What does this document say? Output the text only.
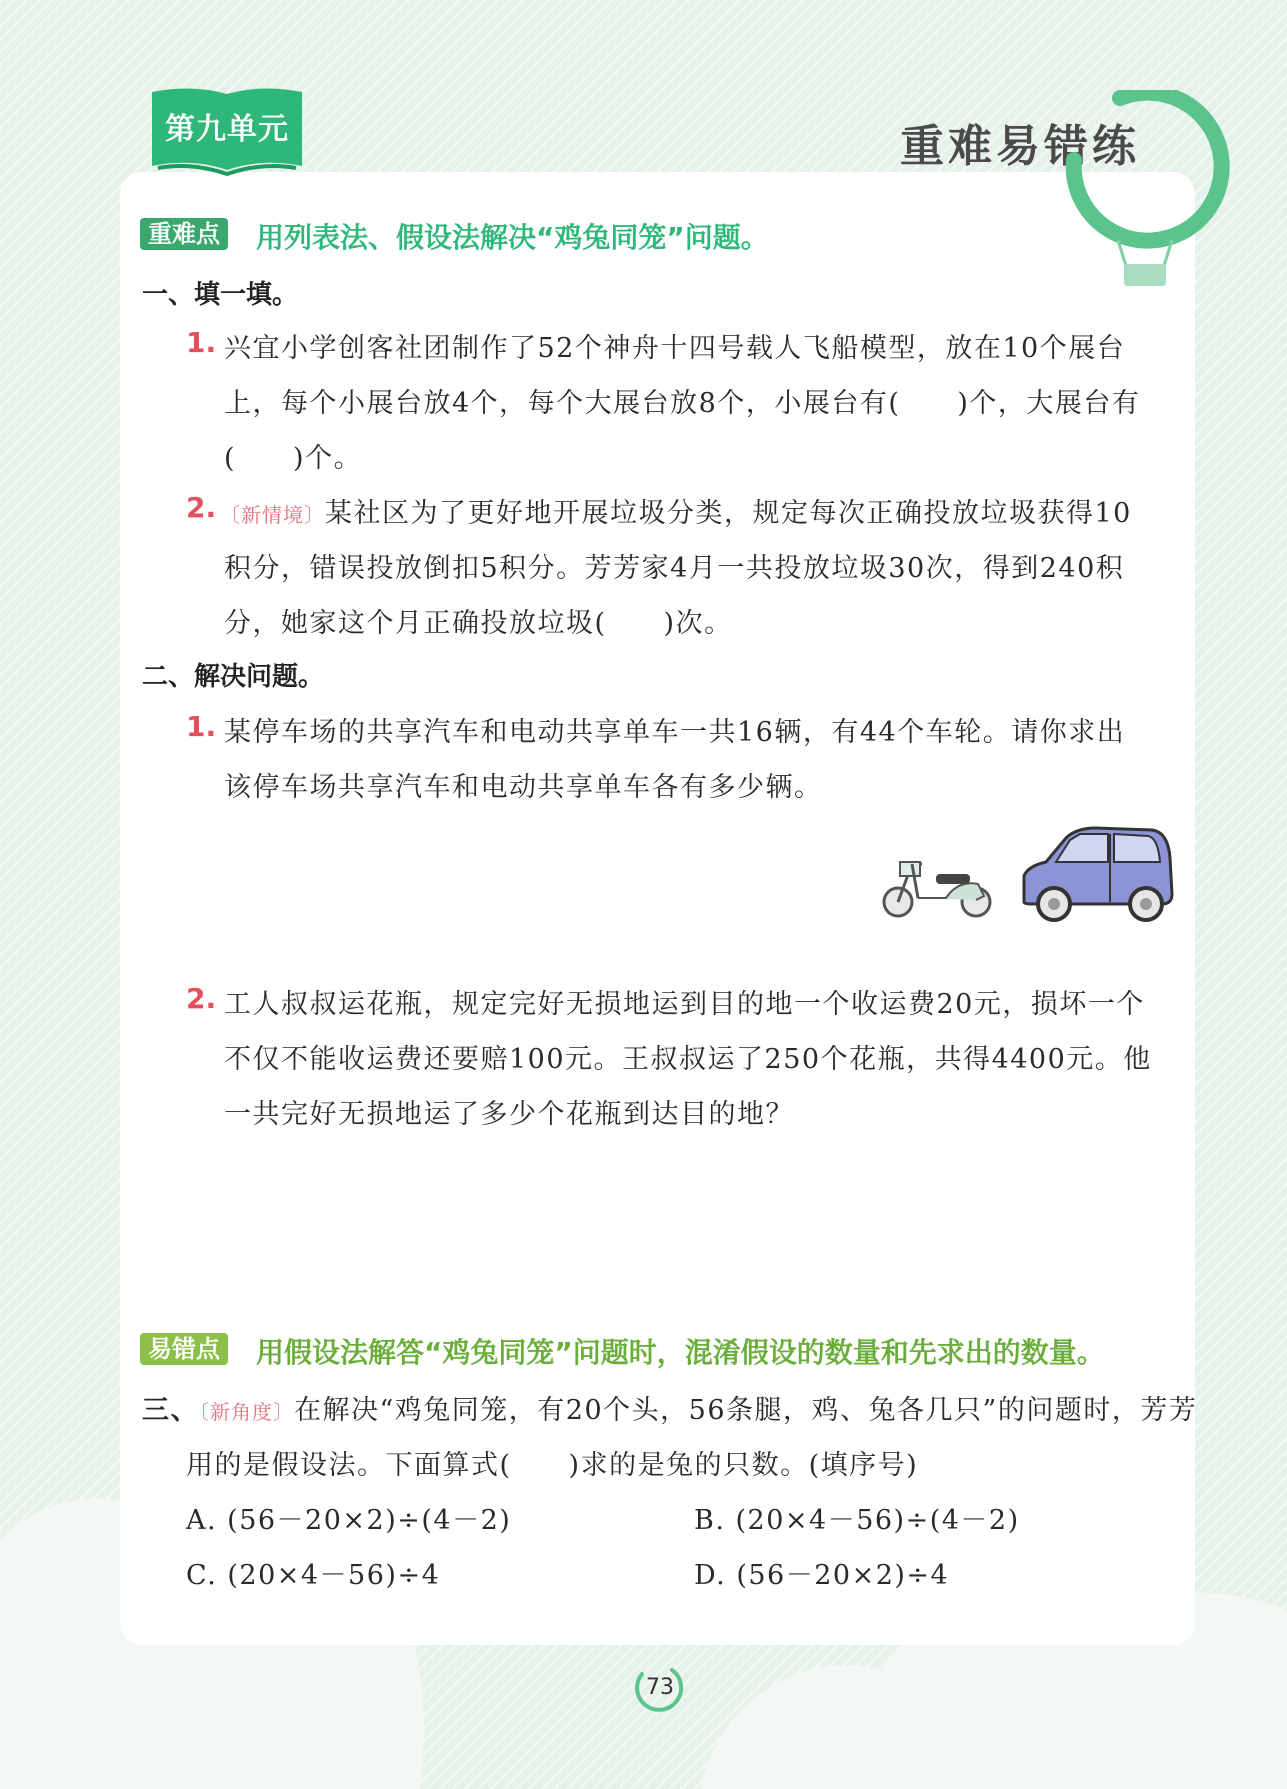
第九单元	重难易错练
重难点 用列表法、假设法解决“鸡兔同笼”问题。
一、填一填。
1. 兴宜小学创客社团制作了52个神舟十四号载人飞船模型，放在10个展台
上，每个小展台放4个，每个大展台放8个，小展台有(　　)个，大展台有
(　　)个。
2. 〔新情境〕某社区为了更好地开展垃圾分类，规定每次正确投放垃圾获得10
积分，错误投放倒扣5积分。芳芳家4月一共投放垃圾30次，得到240积
分，她家这个月正确投放垃圾(　　)次。
二、解决问题。
1. 某停车场的共享汽车和电动共享单车一共16辆，有44个车轮。请你求出
该停车场共享汽车和电动共享单车各有多少辆。
2. 工人叔叔运花瓶，规定完好无损地运到目的地一个收运费20元，损坏一个
不仅不能收运费还要赔100元。王叔叔运了250个花瓶，共得4400元。他
一共完好无损地运了多少个花瓶到达目的地？
易错点 用假设法解答“鸡兔同笼”问题时，混淆假设的数量和先求出的数量。
三、〔新角度〕在解决“鸡兔同笼，有20个头，56条腿，鸡、兔各几只”的问题时，芳芳
用的是假设法。下面算式(　　)求的是兔的只数。(填序号)
A. (56－20×2)÷(4－2)	B. (20×4－56)÷(4－2)
C. (20×4－56)÷4	D. (56－20×2)÷4
73
